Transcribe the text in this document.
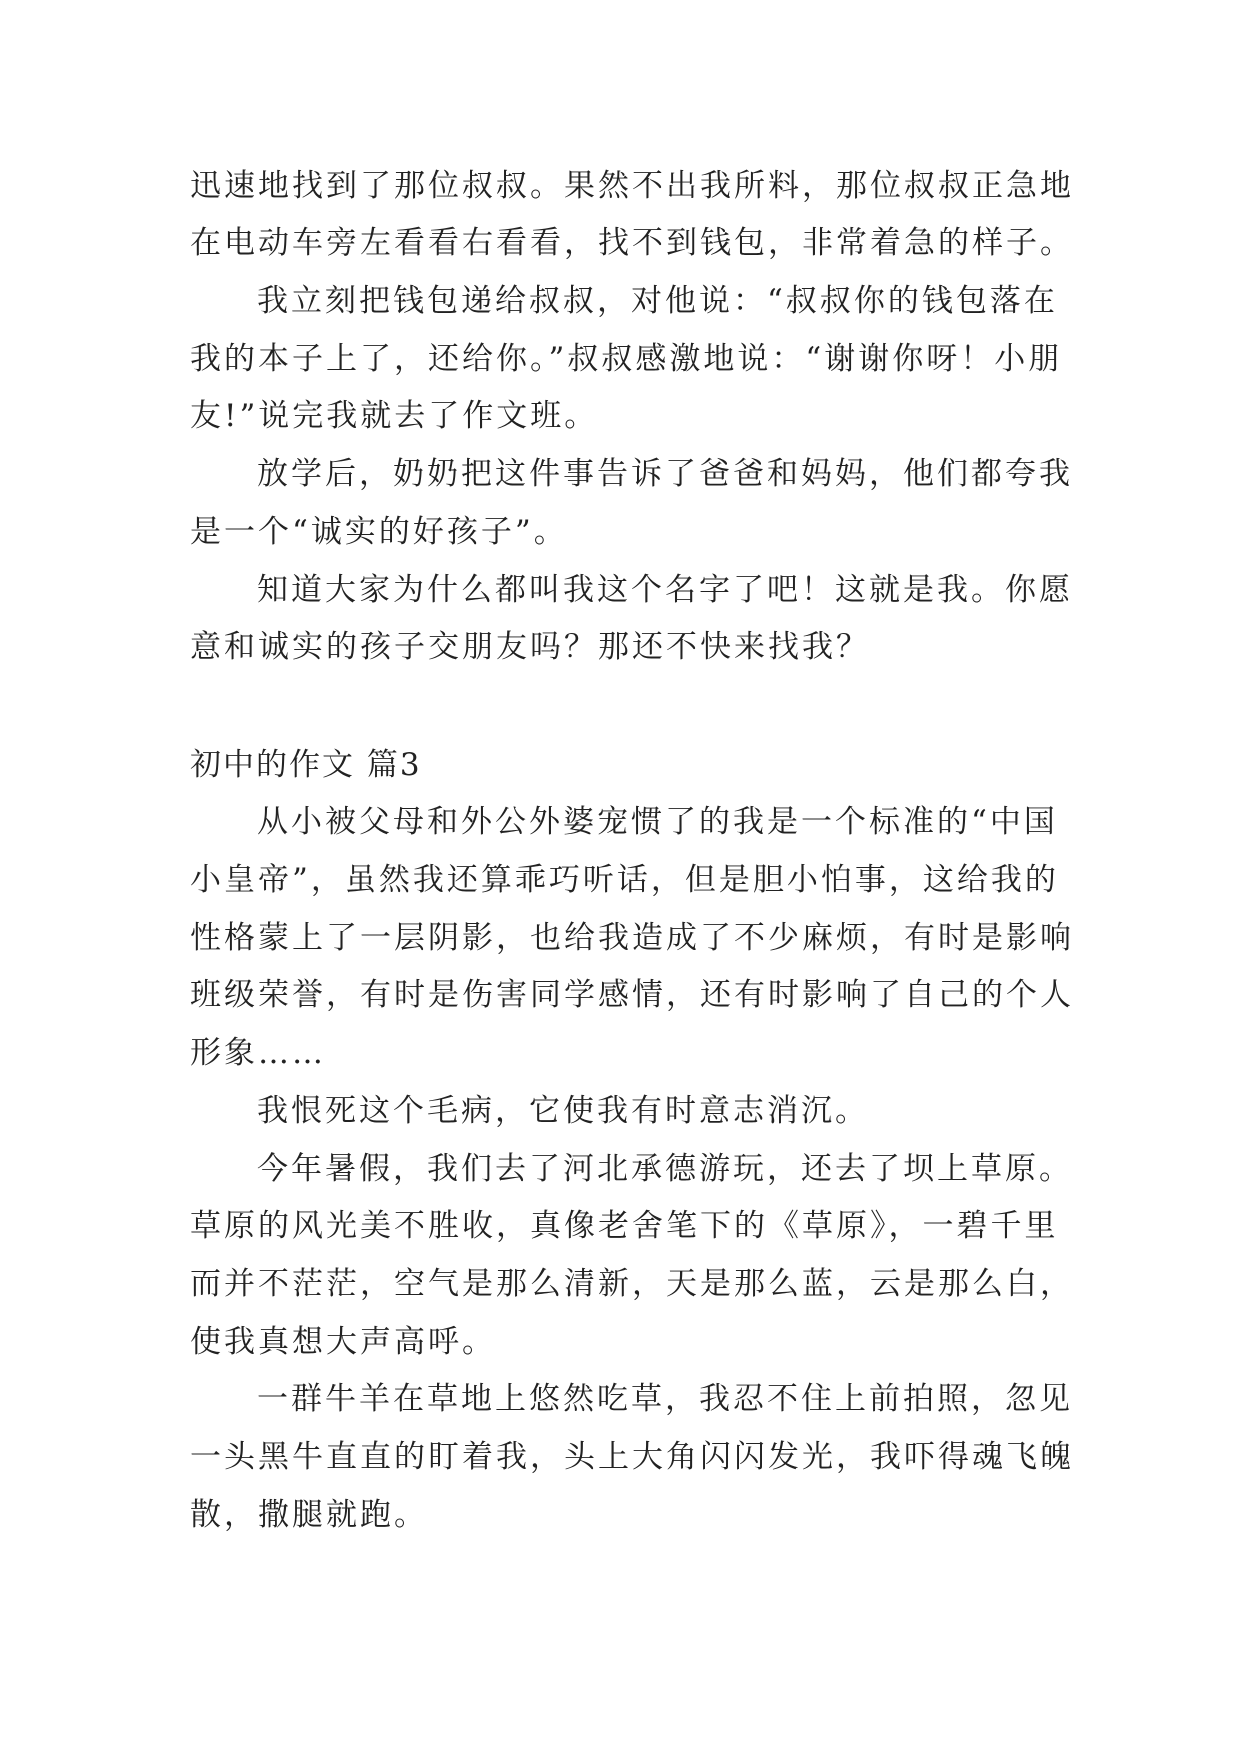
迅速地找到了那位叔叔。果然不出我所料，那位叔叔正急地

在电动车旁左看看右看看，找不到钱包，非常着急的样子。

我立刻把钱包递给叔叔，对他说：“叔叔你的钱包落在

我的本子上了，还给你。”叔叔感激地说：“谢谢你呀！小朋

友!”说完我就去了作文班。

放学后，奶奶把这件事告诉了爸爸和妈妈，他们都夸我

是一个“诚实的好孩子”。

知道大家为什么都叫我这个名字了吧！这就是我。你愿

意和诚实的孩子交朋友吗？那还不快来找我？

初中的作文 篇3

从小被父母和外公外婆宠惯了的我是一个标准的“中国

小皇帝”，虽然我还算乖巧听话，但是胆小怕事，这给我的

性格蒙上了一层阴影，也给我造成了不少麻烦，有时是影响

班级荣誉，有时是伤害同学感情，还有时影响了自己的个人

形象……

我恨死这个毛病，它使我有时意志消沉。

今年暑假，我们去了河北承德游玩，还去了坝上草原。

草原的风光美不胜收，真像老舍笔下的《草原》，一碧千里

而并不茫茫，空气是那么清新，天是那么蓝，云是那么白，

使我真想大声高呼。

一群牛羊在草地上悠然吃草，我忍不住上前拍照，忽见

一头黑牛直直的盯着我，头上大角闪闪发光，我吓得魂飞魄

散，撒腿就跑。
